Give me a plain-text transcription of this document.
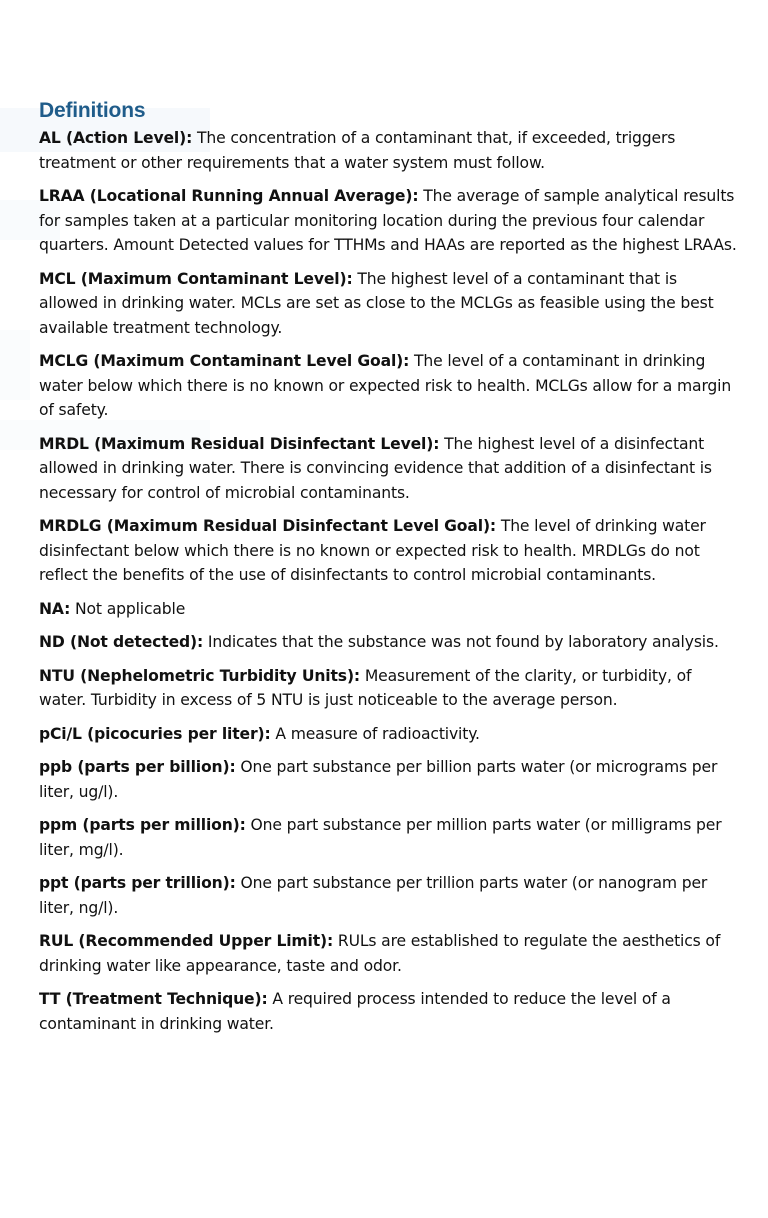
Definitions
AL (Action Level): The concentration of a contaminant that, if exceeded, triggers treatment or other requirements that a water system must follow.
LRAA (Locational Running Annual Average): The average of sample analytical results for samples taken at a particular monitoring location during the previous four calendar quarters. Amount Detected values for TTHMs and HAAs are reported as the highest LRAAs.
MCL (Maximum Contaminant Level): The highest level of a contaminant that is allowed in drinking water. MCLs are set as close to the MCLGs as feasible using the best available treatment technology.
MCLG (Maximum Contaminant Level Goal): The level of a contaminant in drinking water below which there is no known or expected risk to health. MCLGs allow for a margin of safety.
MRDL (Maximum Residual Disinfectant Level): The highest level of a disinfectant allowed in drinking water. There is convincing evidence that addition of a disinfectant is necessary for control of microbial contaminants.
MRDLG (Maximum Residual Disinfectant Level Goal): The level of drinking water disinfectant below which there is no known or expected risk to health. MRDLGs do not reflect the benefits of the use of disinfectants to control microbial contaminants.
NA: Not applicable
ND (Not detected): Indicates that the substance was not found by laboratory analysis.
NTU (Nephelometric Turbidity Units): Measurement of the clarity, or turbidity, of water. Turbidity in excess of 5 NTU is just noticeable to the average person.
pCi/L (picocuries per liter): A measure of radioactivity.
ppb (parts per billion): One part substance per billion parts water (or micrograms per liter, ug/l).
ppm (parts per million): One part substance per million parts water (or milligrams per liter, mg/l).
ppt (parts per trillion): One part substance per trillion parts water (or nanogram per liter, ng/l).
RUL (Recommended Upper Limit): RULs are established to regulate the aesthetics of drinking water like appearance, taste and odor.
TT (Treatment Technique): A required process intended to reduce the level of a contaminant in drinking water.
